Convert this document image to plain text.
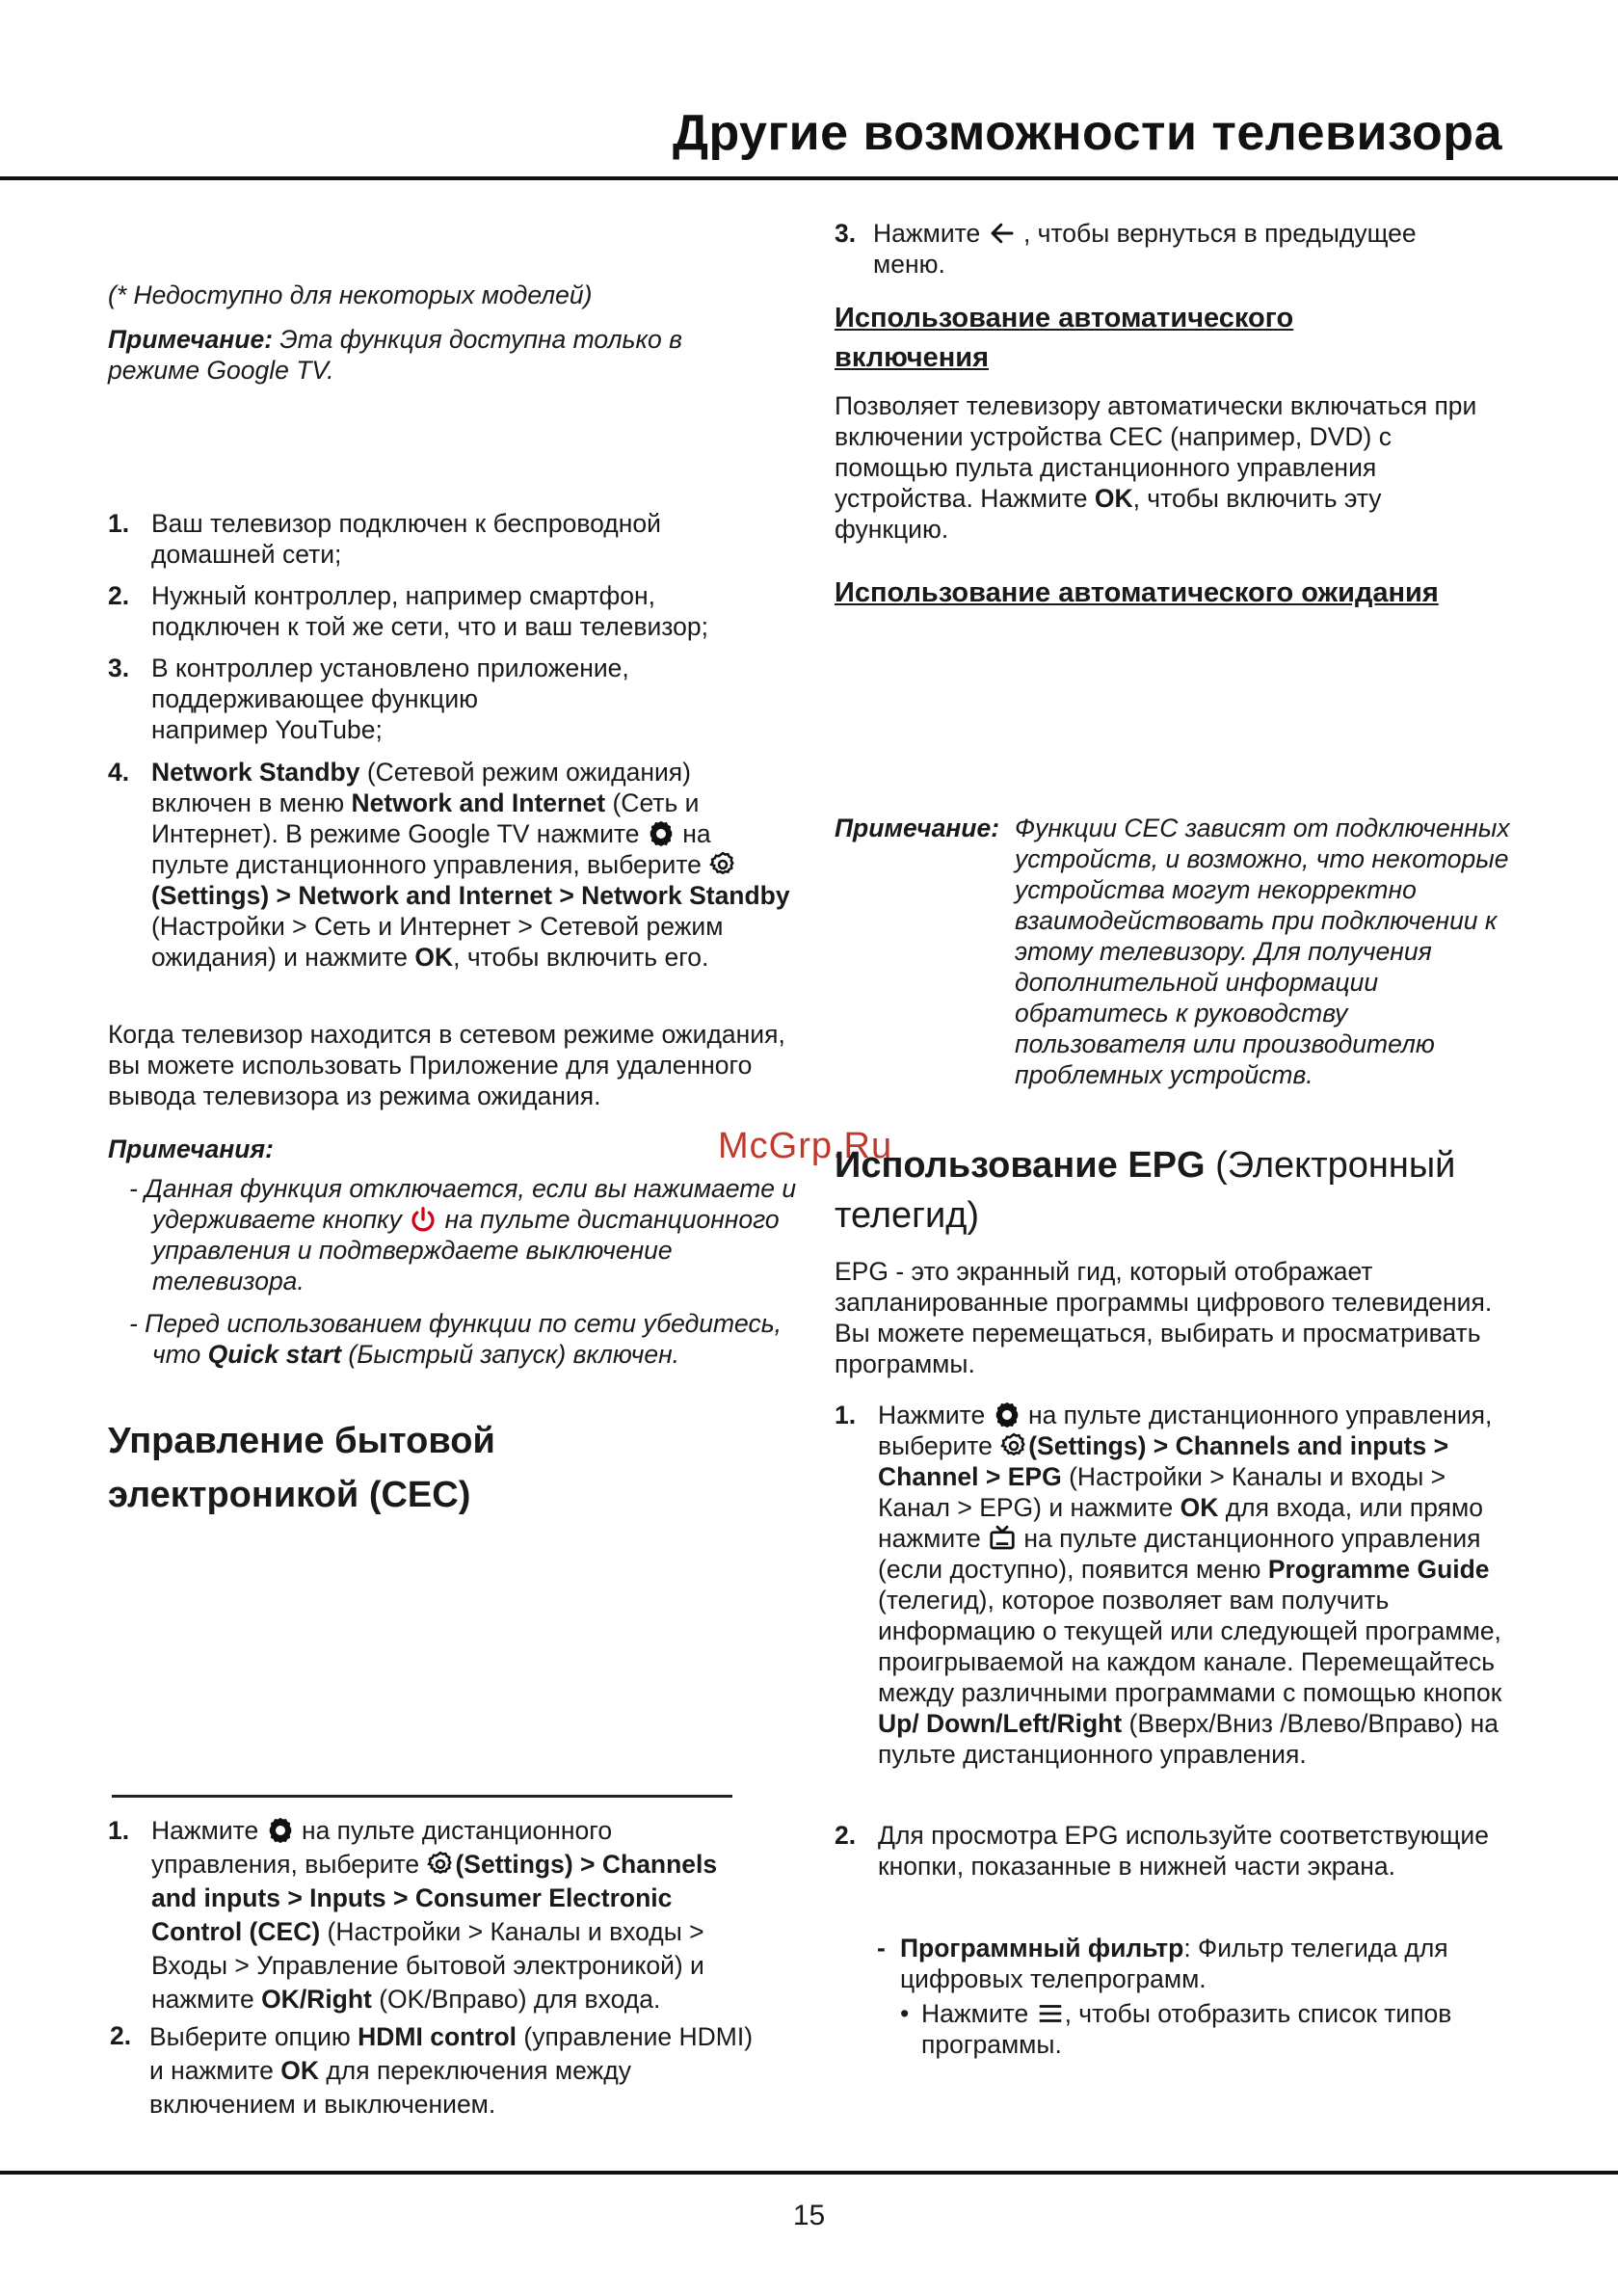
Другие возможности телевизора

(* Недоступно для некоторых моделей)

Примечание: Эта функция доступна только в режиме Google TV.

1. Ваш телевизор подключен к беспроводной домашней сети;
2. Нужный контроллер, например смартфон, подключен к той же сети, что и ваш телевизор;
3. В контроллер установлено приложение, поддерживающее функцию
например YouTube;
4. Network Standby (Сетевой режим ожидания) включен в меню Network and Internet (Сеть и Интернет). В режиме Google TV нажмите
на пульте дистанционного управления, выберите
(Settings) > Network and Internet > Network Standby (Настройки > Сеть и Интернет > Сетевой режим ожидания) и нажмите OK, чтобы включить его.

Когда телевизор находится в сетевом режиме ожидания, вы можете использовать Приложение для удаленного вывода телевизора из режима ожидания.

Примечания:

- Данная функция отключается, если вы нажимаете и удерживаете кнопку
на пульте дистанционного управления и подтверждаете выключение телевизора.

- Перед использованием функции по сети убедитесь, что Quick start (Быстрый запуск) включен.

Управление бытовой электроникой (CEC)
1. Нажмите
на пульте дистанционного управления, выберите
(Settings) > Channels and inputs > Inputs > Consumer Electronic Control (CEC) (Настройки > Каналы и входы > Входы > Управление бытовой электроникой) и нажмите OK/Right (OK/Вправо) для входа.
2. Выберите опцию HDMI control (управление HDMI) и нажмите OK для переключения между включением и выключением.
3. Нажмите
, чтобы вернуться в предыдущее меню.
Использование автоматического включения

Позволяет телевизору автоматически включаться при включении устройства CEC (например, DVD) с помощью пульта дистанционного управления устройства. Нажмите OK, чтобы включить эту функцию.

Использование автоматического ожидания
Примечание: Функции CEC зависят от подключенных устройств, и возможно, что некоторые устройства могут некорректно взаимодействовать при подключении к этому телевизору. Для получения дополнительной информации обратитесь к руководству пользователя или производителю проблемных устройств.

McGrp.Ru
Использование EPG (Электронный телегид)

EPG - это экранный гид, который отображает запланированные программы цифрового телевидения. Вы можете перемещаться, выбирать и просматривать программы.

1. Нажмите
на пульте дистанционного управления, выберите
(Settings) > Channels and inputs > Channel > EPG (Настройки > Каналы и входы > Канал > EPG) и нажмите OK для входа, или прямо нажмите
на пульте дистанционного управления (если доступно), появится меню Programme Guide (телегид), которое позволяет вам получить информацию о текущей или следующей программе, проигрываемой на каждом канале. Перемещайтесь между различными программами с помощью кнопок Up/ Down/Left/Right (Вверх/Вниз /Влево/Вправо) на пульте дистанционного управления.
2. Для просмотра EPG используйте соответствующие кнопки, показанные в нижней части экрана.
- Программный фильтр: Фильтр телегида для цифровых телепрограмм.
• Нажмите
, чтобы отобразить список типов программы.
15
